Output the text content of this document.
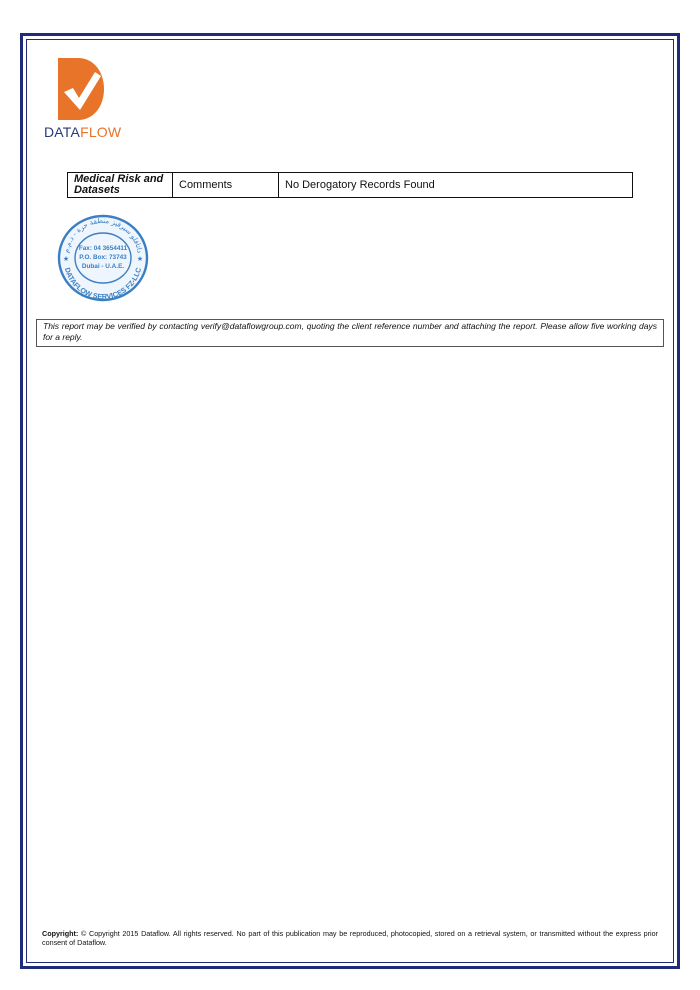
DATAFLOW
Medical Risk and Datasets	Comments	No Derogatory Records Found
داتافلو سيرفيز منطقة حرة - ذ.م.م
DATAFLOW SERVICES FZ-LLC
Fax: 04 3654411
P.O. Box: 73743
Dubai - U.A.E.
★	★
This report may be verified by contacting verify@dataflowgroup.com, quoting the client reference number and attaching the report. Please allow five working days for a reply.
Copyright: © Copyright 2015 Dataflow. All rights reserved. No part of this publication may be reproduced, photocopied, stored on a retrieval system, or transmitted without the express prior consent of Dataflow.
